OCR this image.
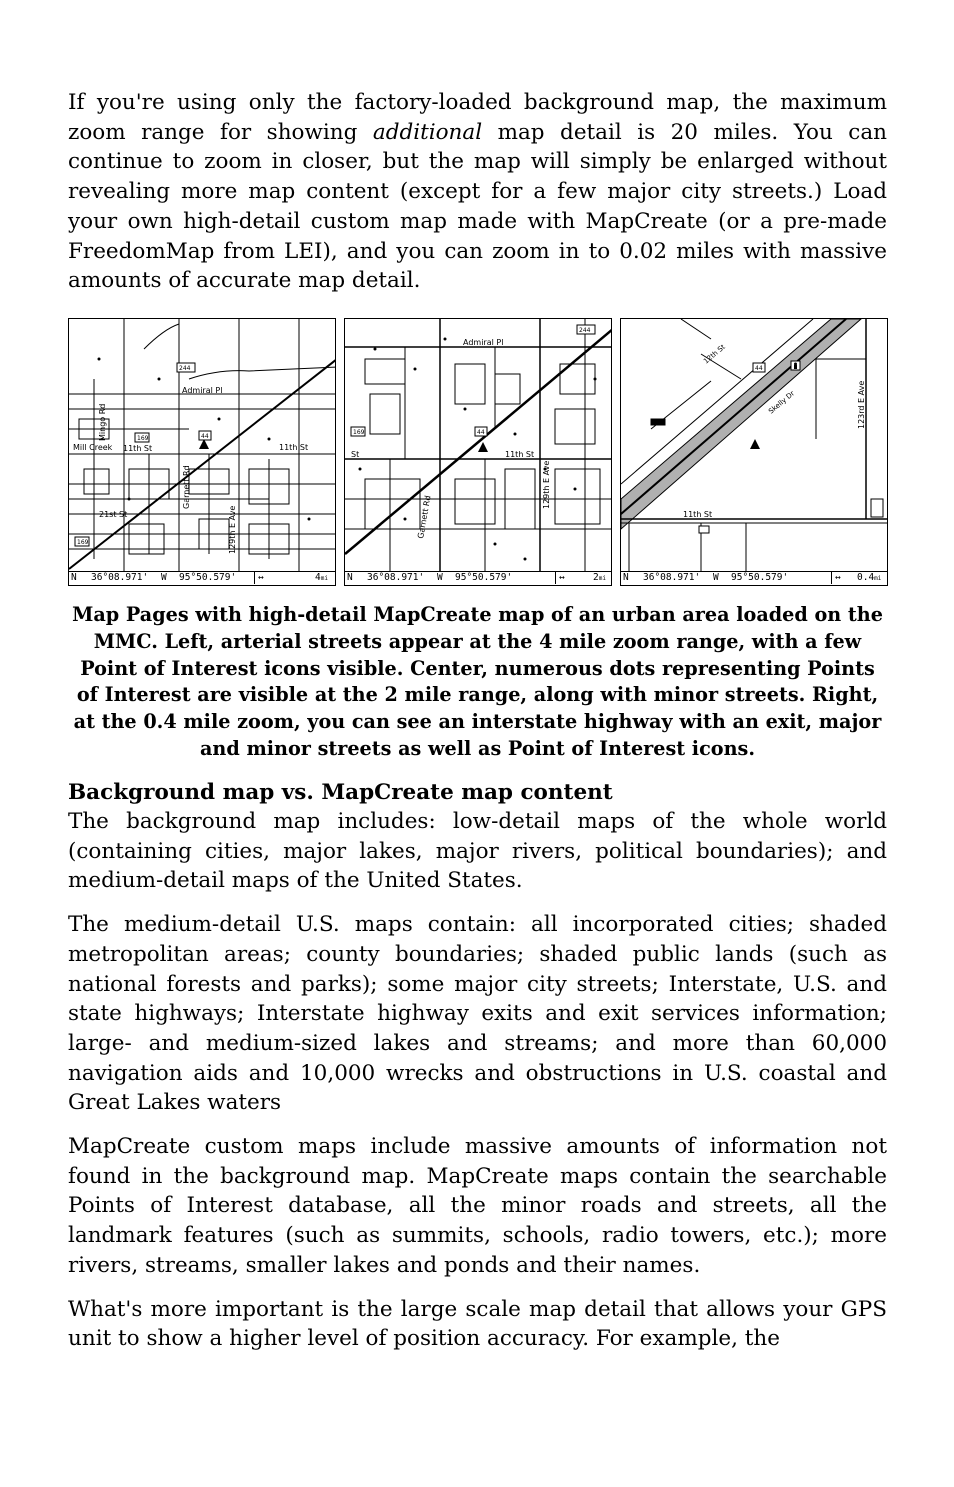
If you're using only the factory-loaded background map, the maximum zoom range for showing additional map detail is 20 miles. You can continue to zoom in closer, but the map will simply be enlarged without revealing more map content (except for a few major city streets.) Load your own high-detail custom map made with MapCreate (or a pre-made FreedomMap from LEI), and you can zoom in to 0.02 miles with massive amounts of accurate map detail.

Admiral Pl
11th St
21st St
Garnett Rd
129th E Ave
Mingo Rd
Mill Creek 11th St
244
169	44
169
N 36°08.971' W 95°50.579'	↔	4mi
Admiral Pl
11th St
Garnett Rd
129th E Ave
St
244
169	44
N 36°08.971' W 95°50.579'	↔	2mi
11th St
123rd E Ave
Skelly Dr
12th St
44
N 36°08.971' W 95°50.579'	↔ 0.4mi
Map Pages with high-detail MapCreate map of an urban area loaded on the MMC. Left, arterial streets appear at the 4 mile zoom range, with a few Point of Interest icons visible. Center, numerous dots representing Points of Interest are visible at the 2 mile range, along with minor streets. Right, at the 0.4 mile zoom, you can see an interstate highway with an exit, major and minor streets as well as Point of Interest icons.
Background map vs. MapCreate map content

The background map includes: low-detail maps of the whole world (containing cities, major lakes, major rivers, political boundaries); and medium-detail maps of the United States.

The medium-detail U.S. maps contain: all incorporated cities; shaded metropolitan areas; county boundaries; shaded public lands (such as national forests and parks); some major city streets; Interstate, U.S. and state highways; Interstate highway exits and exit services information; large- and medium-sized lakes and streams; and more than 60,000 navigation aids and 10,000 wrecks and obstructions in U.S. coastal and Great Lakes waters

MapCreate custom maps include massive amounts of information not found in the background map. MapCreate maps contain the searchable Points of Interest database, all the minor roads and streets, all the landmark features (such as summits, schools, radio towers, etc.); more rivers, streams, smaller lakes and ponds and their names.

What's more important is the large scale map detail that allows your GPS unit to show a higher level of position accuracy. For example, the
